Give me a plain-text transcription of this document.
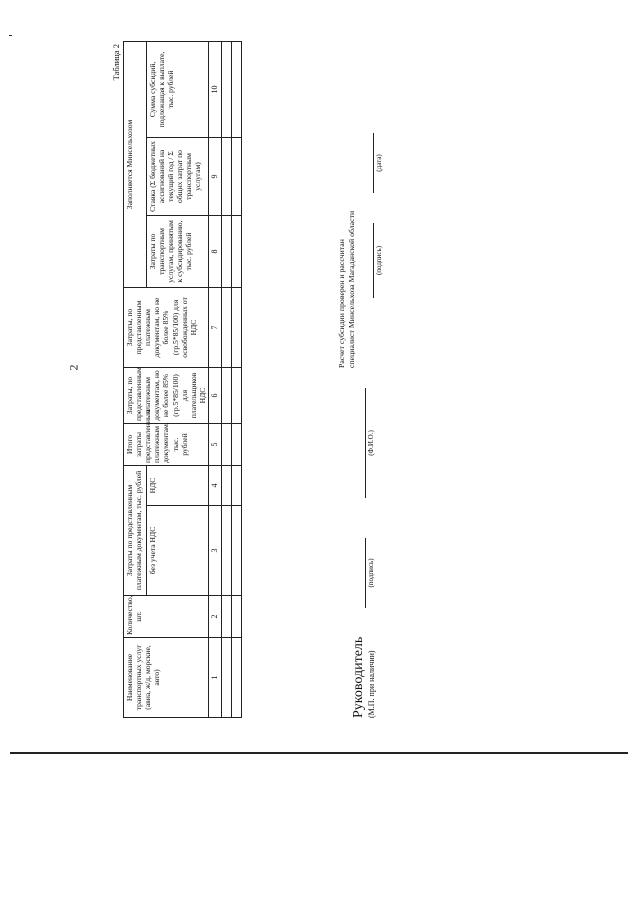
2
Таблица 2
Наименование транспортных услуг (авиа, ж/д, морские, авто)	Количество, шт.	Затраты по представленным платежным документам, тыс. рублей		Итого затраты представленным платежным документам, тыс. рублей	Затраты, по представленным платежным документам, но не более 85% (гр.5*85/100) для плательщиков НДС	Затраты, по представленным платежным документам, но не более 85% (гр.5*85/100) для освобожденных от НДС	Заполняется Минсельхозом		
		без учета НДС	НДС				Затраты по транспортным услугам, принятым к субсидированию, тыс. рублей	Ставка (Σ бюджетных ассигнований на текущий год / Σ общих затрат по транспортным услугам)	Сумма субсидий, подлежащая к выплате, тыс. рублей
1	2	3	4	5	6	7	8	9	10

Руководитель (М.П. при наличии)
(подпись)
(Ф.И.О.)
Расчет субсидии проверен и рассчитан специалист Минсельхоза Магаданской области	(подпись)
(дата)
